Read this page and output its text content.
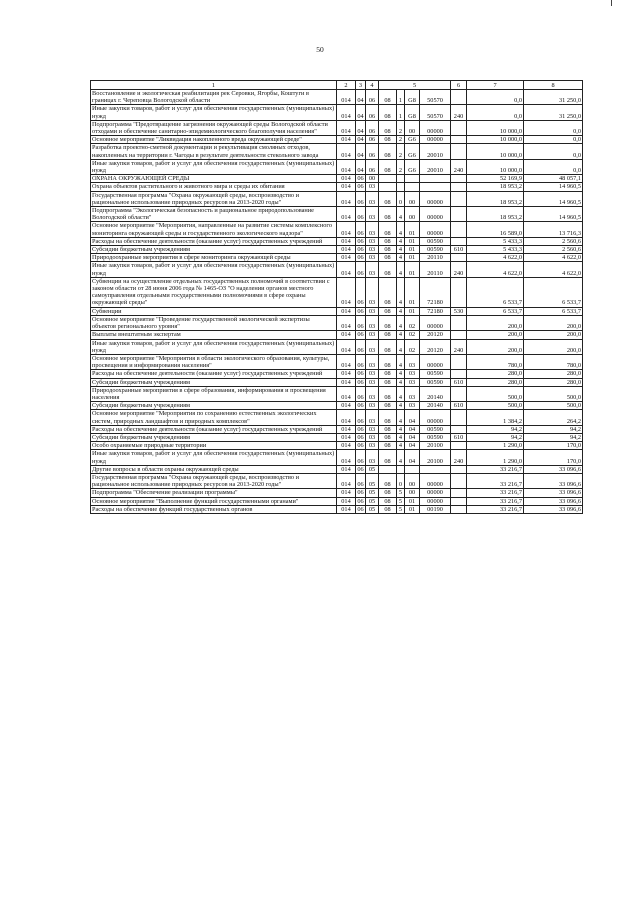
50
1	2	3	4	5				6	7	8
Восстановление и экологическая реабилитация рек Серовки, Ягорбы, Коштуги в границах г. Череповца Вологодской области	014	04	06	08	1	G8	50570		0,0	31 250,0
Иные закупки товаров, работ и услуг для обеспечения государственных (муниципальных) нужд	014	04	06	08	1	G8	50570	240	0,0	31 250,0
Подпрограмма "Предотвращение загрязнения окружающей среды Вологодской области отходами и обеспечение санитарно-эпидемиологического благополучия населения"	014	04	06	08	2	00	00000		10 000,0	0,0
Основное мероприятие "Ликвидация накопленного вреда окружающей среде"	014	04	06	08	2	G6	00000		10 000,0	0,0
Разработка проектно-сметной документации и рекультивация смоляных отходов, накопленных на территории г. Чагоды в результате деятельности стекольного завода	014	04	06	08	2	G6	20010		10 000,0	0,0
Иные закупки товаров, работ и услуг для обеспечения государственных (муниципальных) нужд	014	04	06	08	2	G6	20010	240	10 000,0	0,0
ОХРАНА ОКРУЖАЮЩЕЙ СРЕДЫ	014	06	00						52 169,9	48 057,1
Охрана объектов растительного и животного мира и среды их обитания	014	06	03						18 953,2	14 960,5
Государственная программа "Охрана окружающей среды, воспроизводство и рациональное использование природных ресурсов на 2013-2020 годы"	014	06	03	08	0	00	00000		18 953,2	14 960,5
Подпрограмма "Экологическая безопасность и рациональное природопользование Вологодской области"	014	06	03	08	4	00	00000		18 953,2	14 960,5
Основное мероприятие "Мероприятия, направленные на развитие системы комплексного мониторинга окружающей среды и государственного экологического надзора"	014	06	03	08	4	01	00000		16 589,0	13 716,3
Расходы на обеспечение деятельности (оказание услуг) государственных учреждений	014	06	03	08	4	01	00590		5 433,3	2 560,6
Субсидии бюджетным учреждениям	014	06	03	08	4	01	00590	610	5 433,3	2 560,6
Природоохранные мероприятия в сфере мониторинга окружающей среды	014	06	03	08	4	01	20110		4 622,0	4 622,0
Иные закупки товаров, работ и услуг для обеспечения государственных (муниципальных) нужд	014	06	03	08	4	01	20110	240	4 622,0	4 622,0
Субвенции на осуществление отдельных государственных полномочий в соответствии с законом области от 28 июня 2006 года № 1465-ОЗ "О наделении органов местного самоуправления отдельными государственными полномочиями в сфере охраны окружающей среды"	014	06	03	08	4	01	72180		6 533,7	6 533,7
Субвенции	014	06	03	08	4	01	72180	530	6 533,7	6 533,7
Основное мероприятие "Проведение государственной экологической экспертизы объектов регионального уровня"	014	06	03	08	4	02	00000		200,0	200,0
Выплаты внештатным экспертам	014	06	03	08	4	02	20120		200,0	200,0
Иные закупки товаров, работ и услуг для обеспечения государственных (муниципальных) нужд	014	06	03	08	4	02	20120	240	200,0	200,0
Основное мероприятие "Мероприятия в области экологического образования, культуры, просвещения и информирования населения"	014	06	03	08	4	03	00000		780,0	780,0
Расходы на обеспечение деятельности (оказание услуг) государственных учреждений	014	06	03	08	4	03	00590		280,0	280,0
Субсидии бюджетным учреждениям	014	06	03	08	4	03	00590	610	280,0	280,0
Природоохранные мероприятия в сфере образования, информирования и просвещения населения	014	06	03	08	4	03	20140		500,0	500,0
Субсидии бюджетным учреждениям	014	06	03	08	4	03	20140	610	500,0	500,0
Основное мероприятие "Мероприятия по сохранению естественных экологических систем, природных ландшафтов и природных комплексов"	014	06	03	08	4	04	00000		1 384,2	264,2
Расходы на обеспечение деятельности (оказание услуг) государственных учреждений	014	06	03	08	4	04	00590		94,2	94,2
Субсидии бюджетным учреждениям	014	06	03	08	4	04	00590	610	94,2	94,2
Особо охраняемые природные территории	014	06	03	08	4	04	20100		1 290,0	170,0
Иные закупки товаров, работ и услуг для обеспечения государственных (муниципальных) нужд	014	06	03	08	4	04	20100	240	1 290,0	170,0
Другие вопросы в области охраны окружающей среды	014	06	05						33 216,7	33 096,6
Государственная программа "Охрана окружающей среды, воспроизводство и рациональное использование природных ресурсов на 2013-2020 годы"	014	06	05	08	0	00	00000		33 216,7	33 096,6
Подпрограмма "Обеспечение реализации программы"	014	06	05	08	5	00	00000		33 216,7	33 096,6
Основное мероприятие "Выполнение функций государственными органами"	014	06	05	08	5	01	00000		33 216,7	33 096,6
Расходы на обеспечение функций государственных органов	014	06	05	08	5	01	00190		33 216,7	33 096,6
